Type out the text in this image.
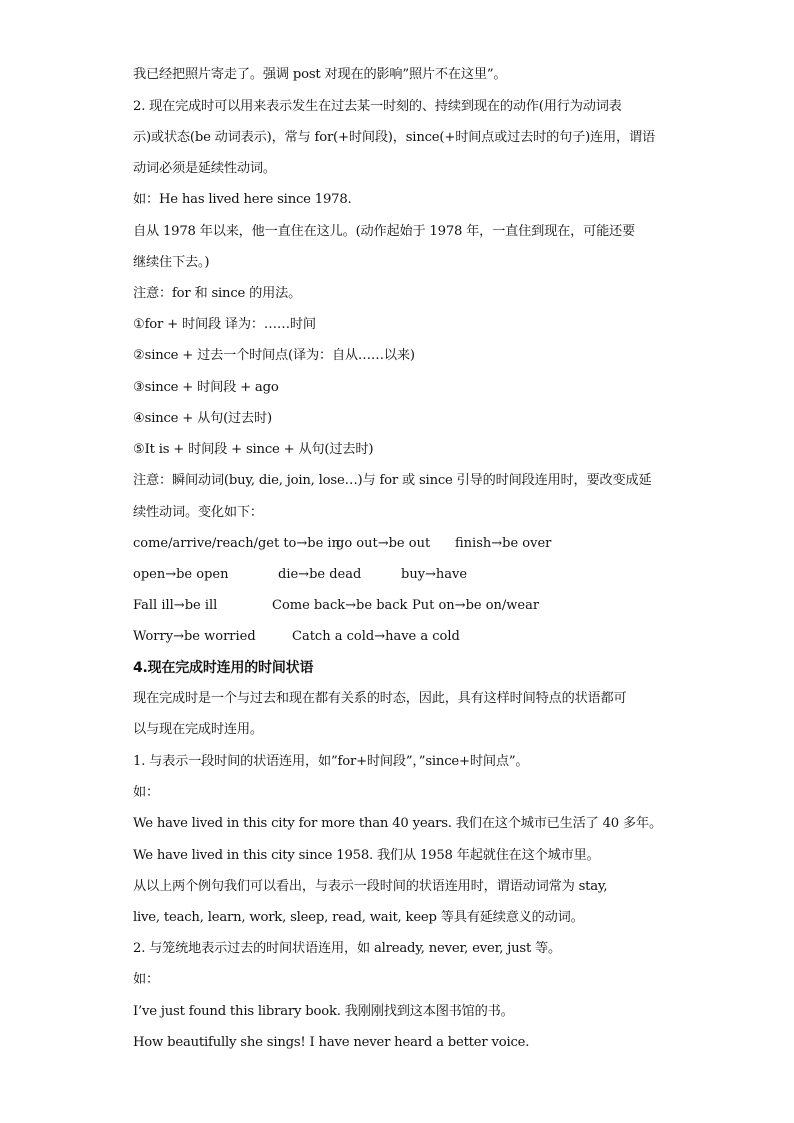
我已经把照片寄走了。强调 post 对现在的影响”照片不在这里”。
2. 现在完成时可以用来表示发生在过去某一时刻的、持续到现在的动作(用行为动词表
示)或状态(be 动词表示)，常与 for(+时间段)，since(+时间点或过去时的句子)连用，谓语
动词必须是延续性动词。
如：He has lived here since 1978.
自从 1978 年以来，他一直住在这儿。(动作起始于 1978 年，一直住到现在，可能还要
继续住下去。)
注意：for 和 since 的用法。
①for + 时间段 译为：……时间
②since + 过去一个时间点(译为：自从……以来)
③since + 时间段 + ago
④since + 从句(过去时)
⑤It is + 时间段 + since + 从句(过去时)
注意：瞬间动词(buy, die, join, lose…)与 for 或 since 引导的时间段连用时，要改变成延
续性动词。变化如下：
come/arrive/reach/get to→be in
go out→be out finish→be over
open→be open	die→be dead	buy→have
Fall ill→be ill	Come back→be back Put on→be on/wear
Worry→be worried	Catch a cold→have a cold
4.现在完成时连用的时间状语
现在完成时是一个与过去和现在都有关系的时态，因此，具有这样时间特点的状语都可
以与现在完成时连用。
1. 与表示一段时间的状语连用，如”for+时间段”，”since+时间点”。
如：
We have lived in this city for more than 40 years. 我们在这个城市已生活了 40 多年。
We have lived in this city since 1958. 我们从 1958 年起就住在这个城市里。
从以上两个例句我们可以看出，与表示一段时间的状语连用时，谓语动词常为 stay,
live, teach, learn, work, sleep, read, wait, keep 等具有延续意义的动词。
2. 与笼统地表示过去的时间状语连用，如 already, never, ever, just 等。
如：
I’ve just found this library book. 我刚刚找到这本图书馆的书。
How beautifully she sings! I have never heard a better voice.
